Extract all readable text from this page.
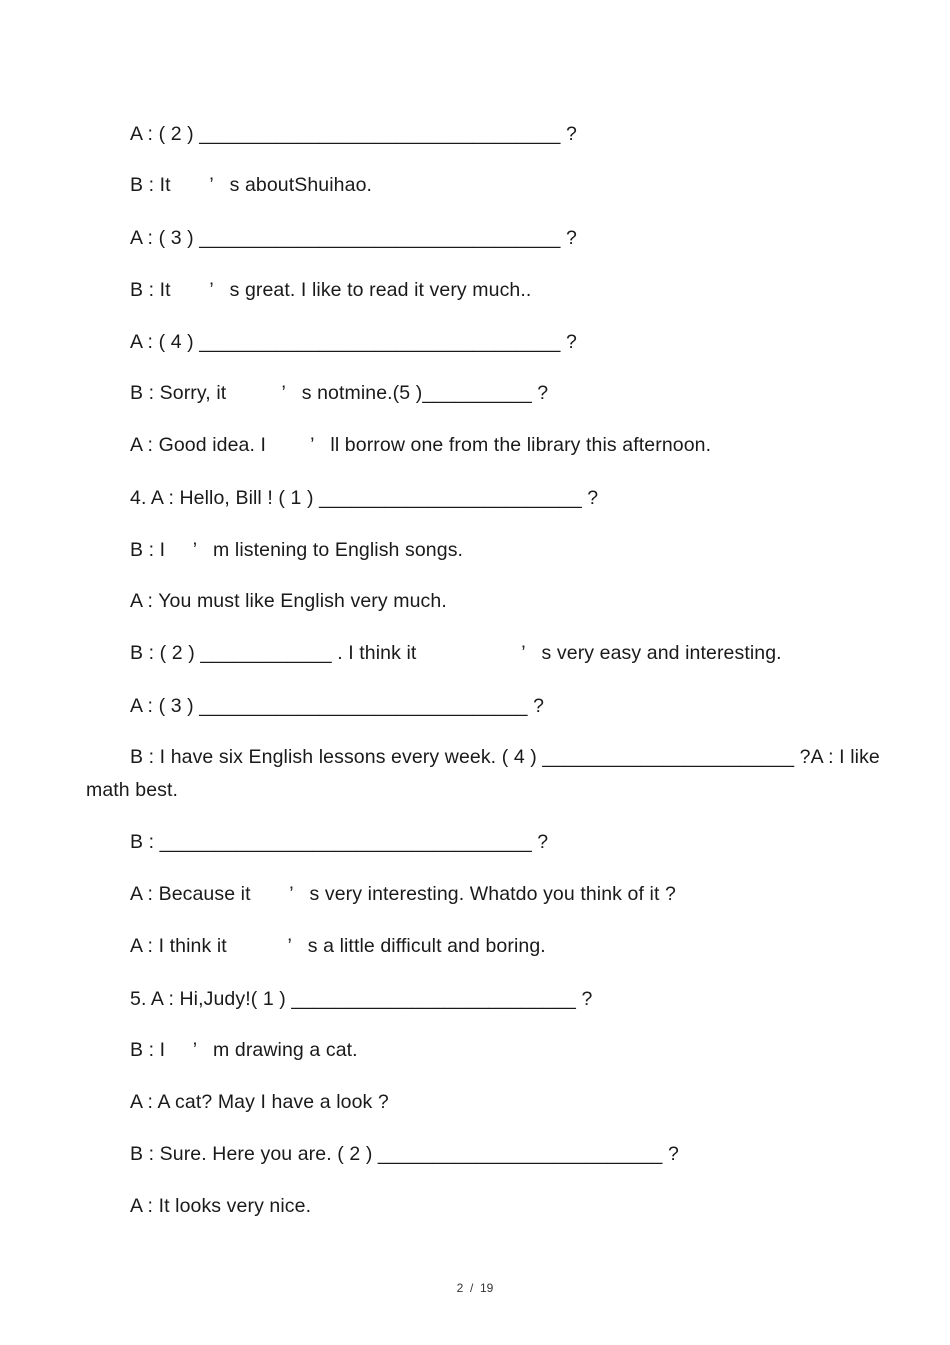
A : ( 2 ) _________________________________ ?
B : It       ’   s aboutShuihao.
A : ( 3 ) _________________________________ ?
B : It       ’   s great. I like to read it very much..
A : ( 4 ) _________________________________ ?
B : Sorry, it          ’   s notmine.(5 )__________ ?
A : Good idea. I        ’   ll borrow one from the library this afternoon.
4. A : Hello, Bill ! ( 1 ) ________________________ ?
B : I     ’   m listening to English songs.
A : You must like English very much.
B : ( 2 ) ____________ . I think it                   ’   s very easy and interesting.
A : ( 3 ) ______________________________ ?
B : I have six English lessons every week. ( 4 ) _______________________ ?A : I like math best.
B : __________________________________ ?
A : Because it       ’   s very interesting. Whatdo you think of it ?
A : I think it           ’   s a little difficult and boring.
5. A : Hi,Judy!( 1 ) __________________________ ?
B : I     ’   m drawing a cat.
A : A cat? May I have a look ?
B : Sure. Here you are. ( 2 ) __________________________ ?
A : It looks very nice.
2  /  19
